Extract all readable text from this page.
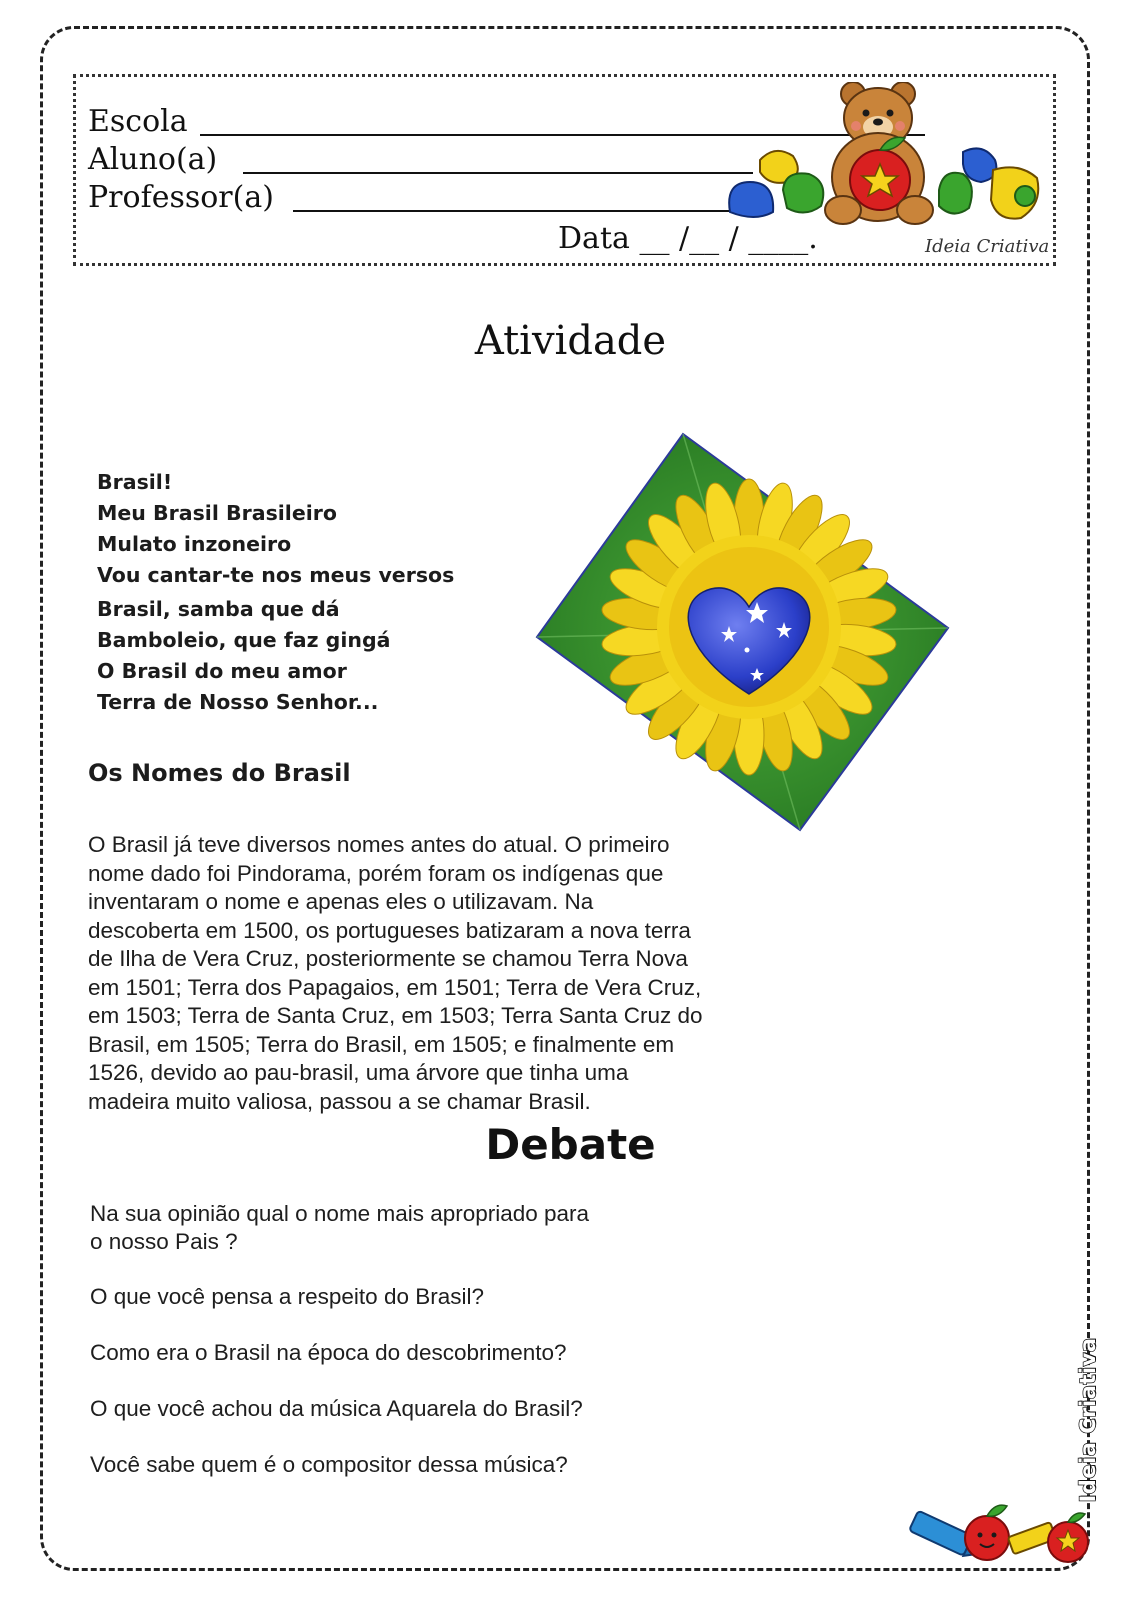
Escola
Aluno(a)
Professor(a)
Data __ /__ / ____.	Ideia Criativa
Atividade
Brasil!
Meu Brasil Brasileiro
Mulato inzoneiro
Vou cantar-te nos meus versos
Brasil, samba que dá
Bamboleio, que faz gingá
O Brasil do meu amor
Terra de Nosso Senhor...
Os Nomes do Brasil
O Brasil já teve diversos nomes antes do atual. O primeiro
nome dado foi Pindorama, porém foram os indígenas que
inventaram o nome e apenas eles o utilizavam. Na
descoberta em 1500, os portugueses batizaram a nova terra
de Ilha de Vera Cruz, posteriormente se chamou Terra Nova
em 1501; Terra dos Papagaios, em 1501; Terra de Vera Cruz,
em 1503; Terra de Santa Cruz, em 1503; Terra Santa Cruz do
Brasil, em 1505; Terra do Brasil, em 1505; e finalmente em
1526, devido ao pau-brasil, uma árvore que tinha uma
madeira muito valiosa, passou a se chamar Brasil.
Debate
Na sua opinião qual o nome mais apropriado para
o nosso Pais ?
O que você pensa a respeito do Brasil?
Como era o Brasil na época do descobrimento?
O que você achou da música Aquarela do Brasil?
Você sabe quem é o compositor dessa música?	Ideia Criativa
